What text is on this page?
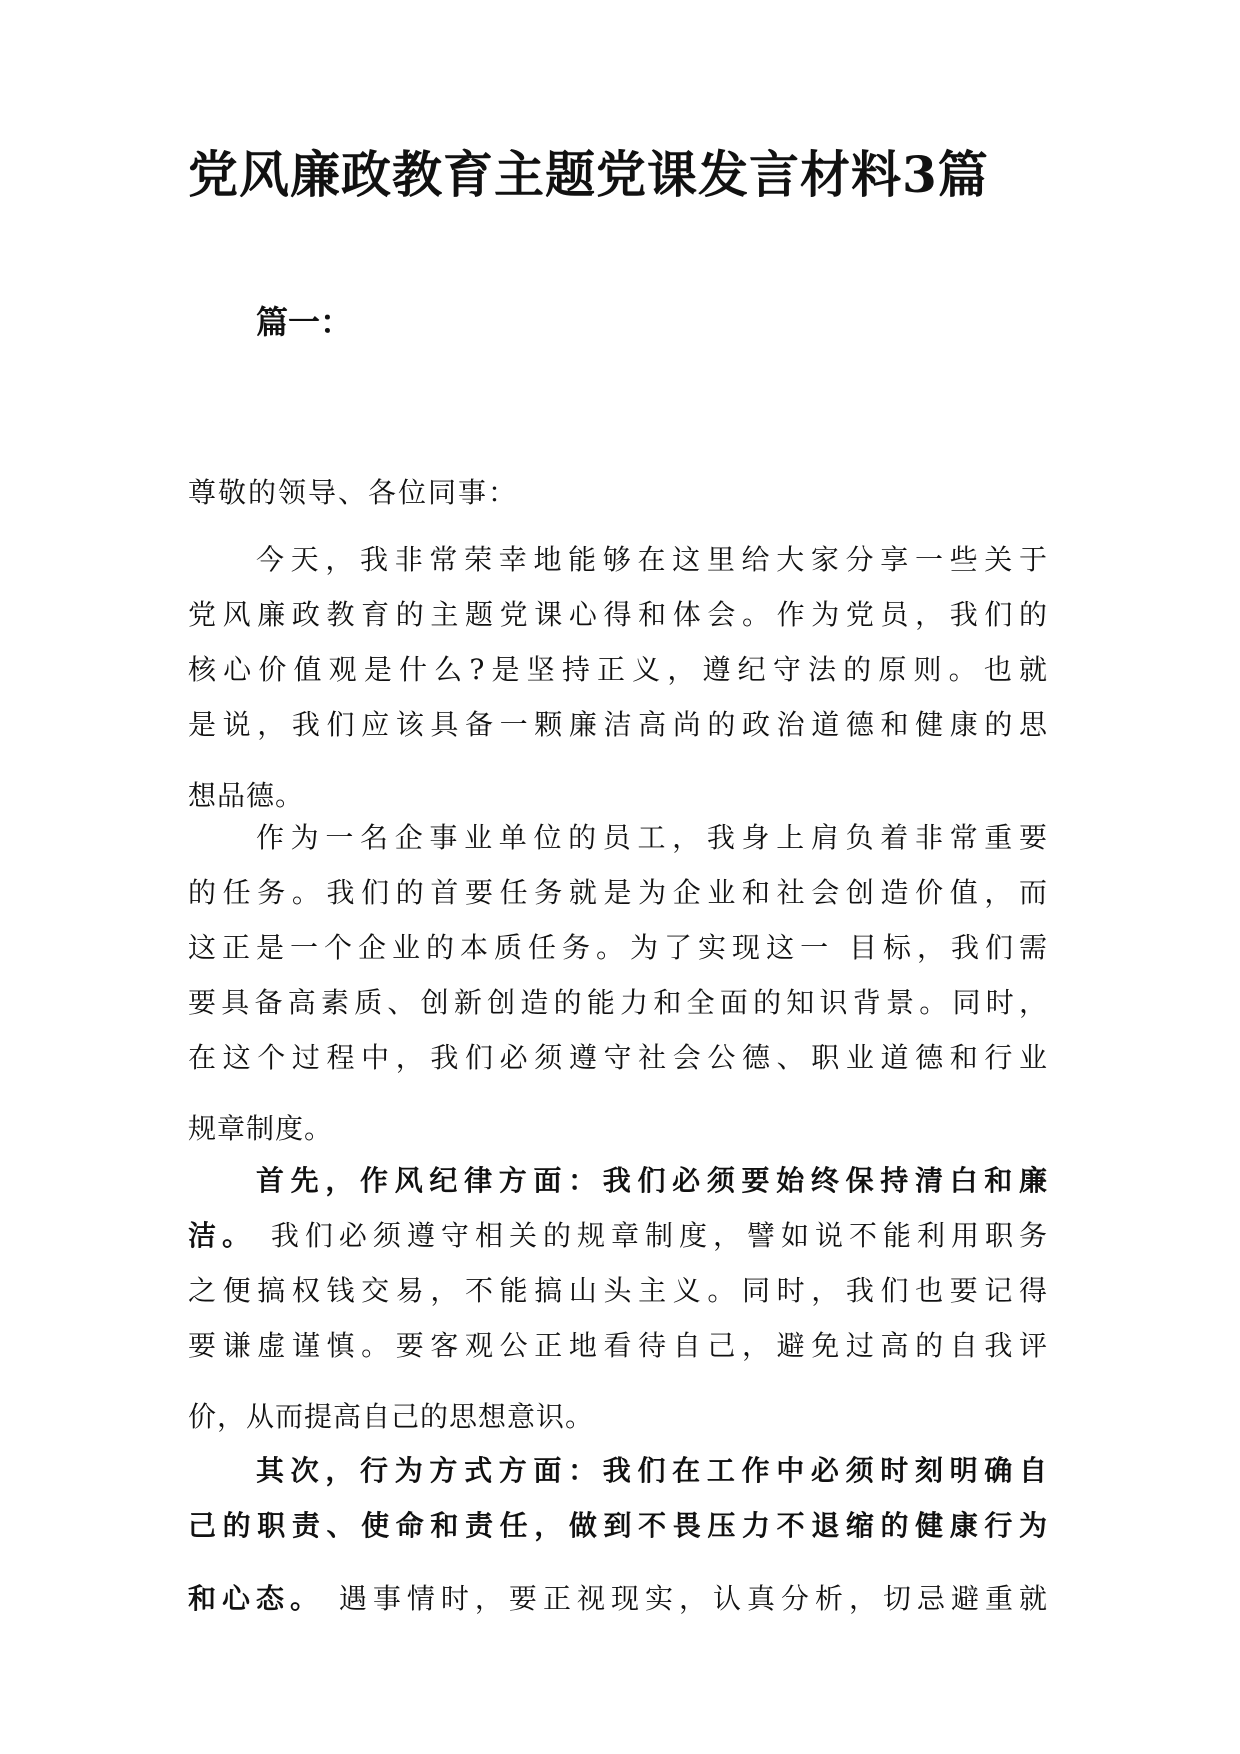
党风廉政教育主题党课发言材料3篇
篇一：

尊敬的领导、各位同事：

今天，我非常荣幸地能够在这里给大家分享一些关于
党风廉政教育的主题党课心得和体会。作为党员，我们的
核心价值观是什么?是坚持正义，遵纪守法的原则。也就
是说，我们应该具备一颗廉洁高尚的政治道德和健康的思
想品德。
作为一名企事业单位的员工，我身上肩负着非常重要
的任务。我们的首要任务就是为企业和社会创造价值，而
这正是一个企业的本质任务。为了实现这一 目标，我们需
要具备高素质、创新创造的能力和全面的知识背景。同时，
在这个过程中，我们必须遵守社会公德、职业道德和行业
规章制度。
首先，作风纪律方面：我们必须要始终保持清白和廉
洁。 我们必须遵守相关的规章制度，譬如说不能利用职务
之便搞权钱交易，不能搞山头主义。同时，我们也要记得
要谦虚谨慎。要客观公正地看待自己，避免过高的自我评
价，从而提高自己的思想意识。
其次，行为方式方面：我们在工作中必须时刻明确自
己的职责、使命和责任，做到不畏压力不退缩的健康行为
和心态。 遇事情时，要正视现实，认真分析，切忌避重就
